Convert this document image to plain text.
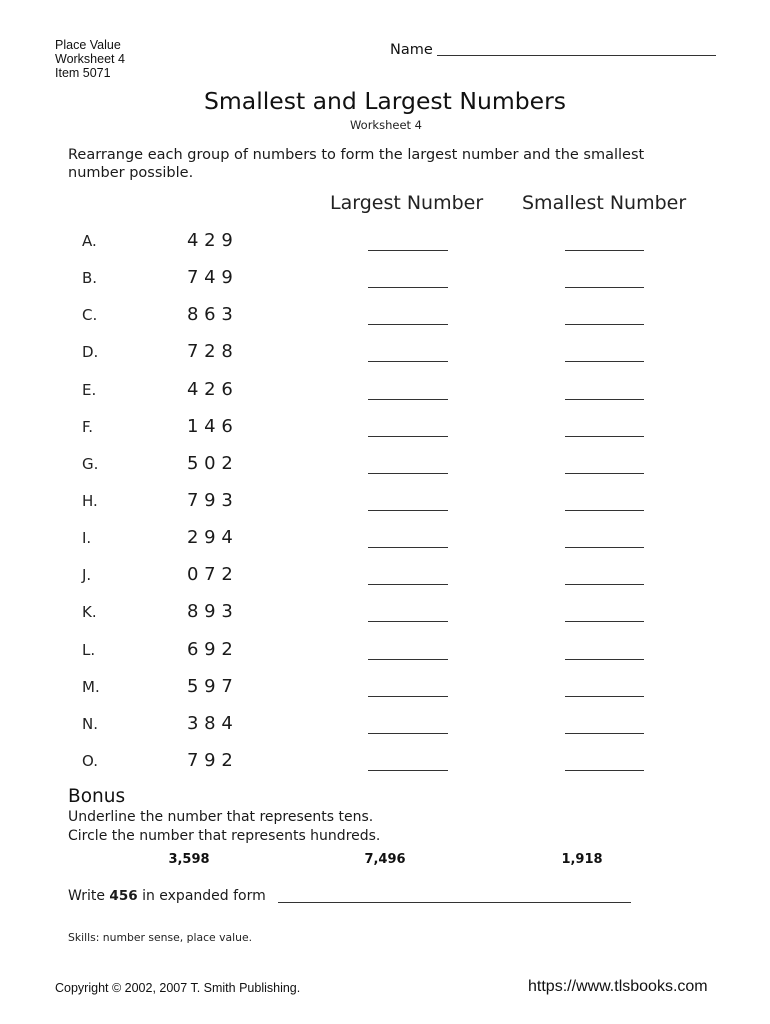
Place Value
Worksheet 4
Item 5071
Name
Smallest and Largest Numbers
Worksheet 4
Rearrange each group of numbers to form the largest number and the smallest number possible.
Largest Number Smallest Number
A.	4 2 9
B.	7 4 9
C.	8 6 3
D.	7 2 8
E.	4 2 6
F.	1 4 6
G.	5 0 2
H.	7 9 3
I.	2 9 4
J.	0 7 2
K.	8 9 3
L.	6 9 2
M.	5 9 7
N.	3 8 4
O.	7 9 2
Bonus
Underline the number that represents tens.
Circle the number that represents hundreds.
3,598	7,496	1,918
Write 456 in expanded form
Skills: number sense, place value.
Copyright © 2002, 2007 T. Smith Publishing.	https://www.tlsbooks.com
